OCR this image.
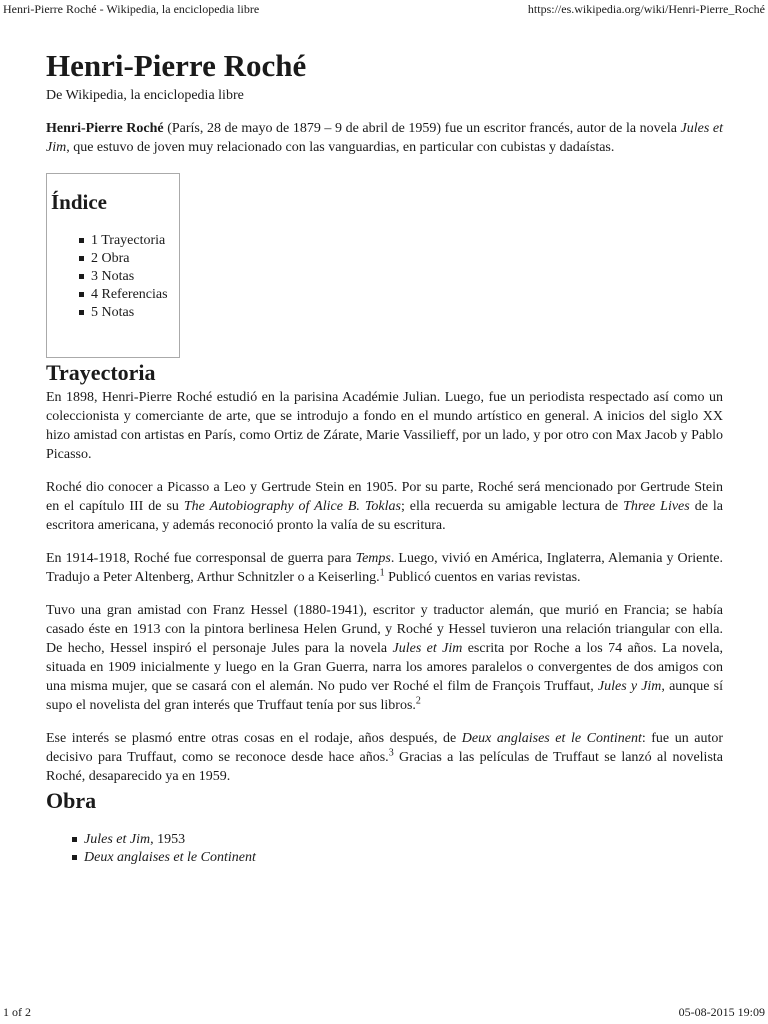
Henri-Pierre Roché - Wikipedia, la enciclopedia libre	https://es.wikipedia.org/wiki/Henri-Pierre_Roché
Henri-Pierre Roché
De Wikipedia, la enciclopedia libre

Henri-Pierre Roché (París, 28 de mayo de 1879 – 9 de abril de 1959) fue un escritor francés, autor de la novela Jules et Jim, que estuvo de joven muy relacionado con las vanguardias, en particular con cubistas y dadaístas.

Índice
1 Trayectoria
2 Obra
3 Notas
4 Referencias
5 Notas
Trayectoria

En 1898, Henri-Pierre Roché estudió en la parisina Académie Julian. Luego, fue un periodista respectado así como un coleccionista y comerciante de arte, que se introdujo a fondo en el mundo artístico en general. A inicios del siglo XX hizo amistad con artistas en París, como Ortiz de Zárate, Marie Vassilieff, por un lado, y por otro con Max Jacob y Pablo Picasso.

Roché dio conocer a Picasso a Leo y Gertrude Stein en 1905. Por su parte, Roché será mencionado por Gertrude Stein en el capítulo III de su The Autobiography of Alice B. Toklas; ella recuerda su amigable lectura de Three Lives de la escritora americana, y además reconoció pronto la valía de su escritura.

En 1914-1918, Roché fue corresponsal de guerra para Temps. Luego, vivió en América, Inglaterra, Alemania y Oriente. Tradujo a Peter Altenberg, Arthur Schnitzler o a Keiserling.$^1$ Publicó cuentos en varias revistas.

Tuvo una gran amistad con Franz Hessel (1880-1941), escritor y traductor alemán, que murió en Francia; se había casado éste en 1913 con la pintora berlinesa Helen Grund, y Roché y Hessel tuvieron una relación triangular con ella. De hecho, Hessel inspiró el personaje Jules para la novela Jules et Jim escrita por Roche a los 74 años. La novela, situada en 1909 inicialmente y luego en la Gran Guerra, narra los amores paralelos o convergentes de dos amigos con una misma mujer, que se casará con el alemán. No pudo ver Roché el film de François Truffaut, Jules y Jim, aunque sí supo el novelista del gran interés que Truffaut tenía por sus libros.$^2$

Ese interés se plasmó entre otras cosas en el rodaje, años después, de Deux anglaises et le Continent: fue un autor decisivo para Truffaut, como se reconoce desde hace años.$^3$ Gracias a las películas de Truffaut se lanzó al novelista Roché, desaparecido ya en 1959.

Obra
Jules et Jim, 1953
Deux anglaises et le Continent
1 of 2	05-08-2015 19:09
